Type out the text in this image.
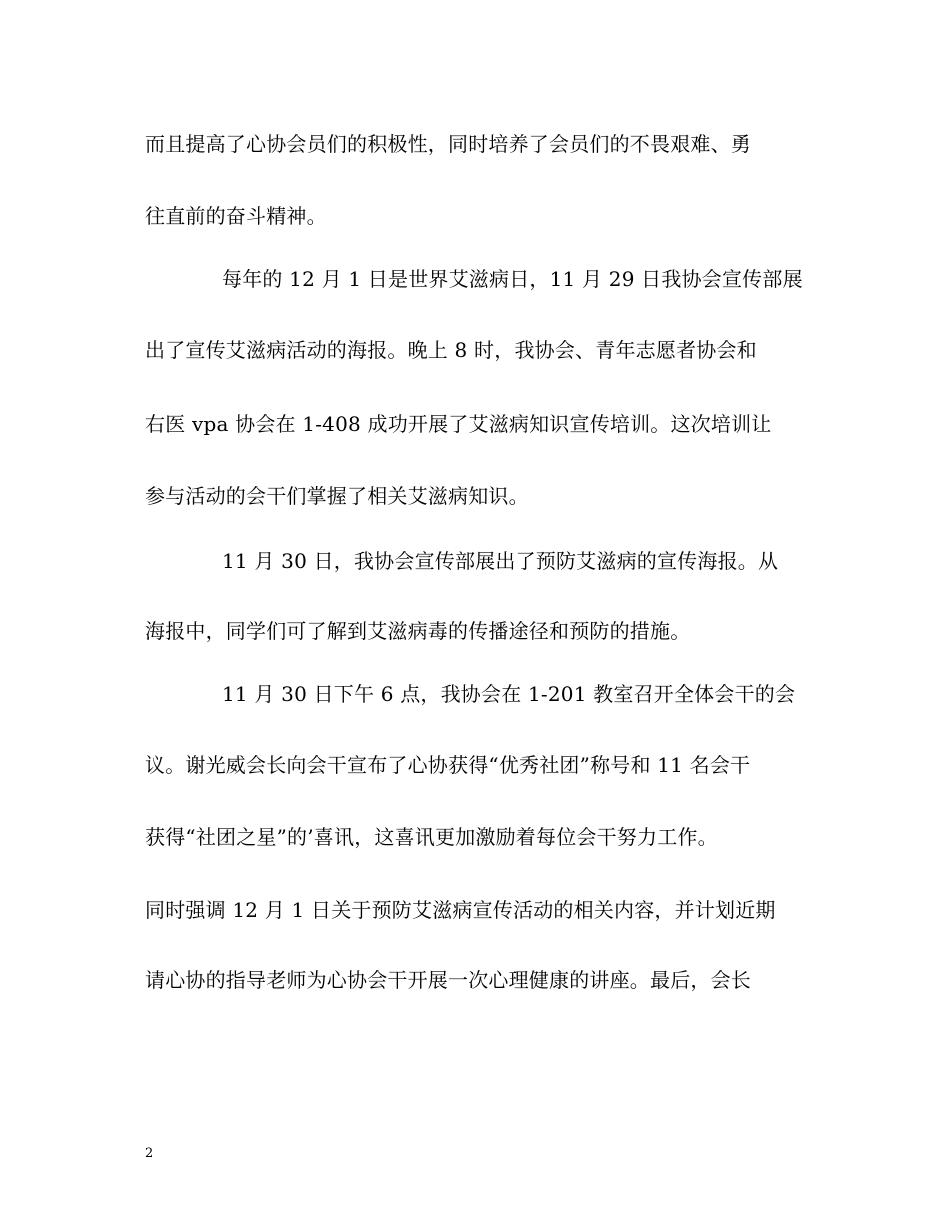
而且提高了心协会员们的积极性，同时培养了会员们的不畏艰难、勇
往直前的奋斗精神。
每年的 12 月 1 日是世界艾滋病日，11 月 29 日我协会宣传部展
出了宣传艾滋病活动的海报。晚上 8 时，我协会、青年志愿者协会和
右医 vpa 协会在 1-408 成功开展了艾滋病知识宣传培训。这次培训让
参与活动的会干们掌握了相关艾滋病知识。
11 月 30 日，我协会宣传部展出了预防艾滋病的宣传海报。从
海报中，同学们可了解到艾滋病毒的传播途径和预防的措施。
11 月 30 日下午 6 点，我协会在 1-201 教室召开全体会干的会
议。谢光威会长向会干宣布了心协获得“优秀社团”称号和 11 名会干
获得“社团之星”的’喜讯，这喜讯更加激励着每位会干努力工作。
同时强调 12 月 1 日关于预防艾滋病宣传活动的相关内容，并计划近期
请心协的指导老师为心协会干开展一次心理健康的讲座。最后，会长
2
